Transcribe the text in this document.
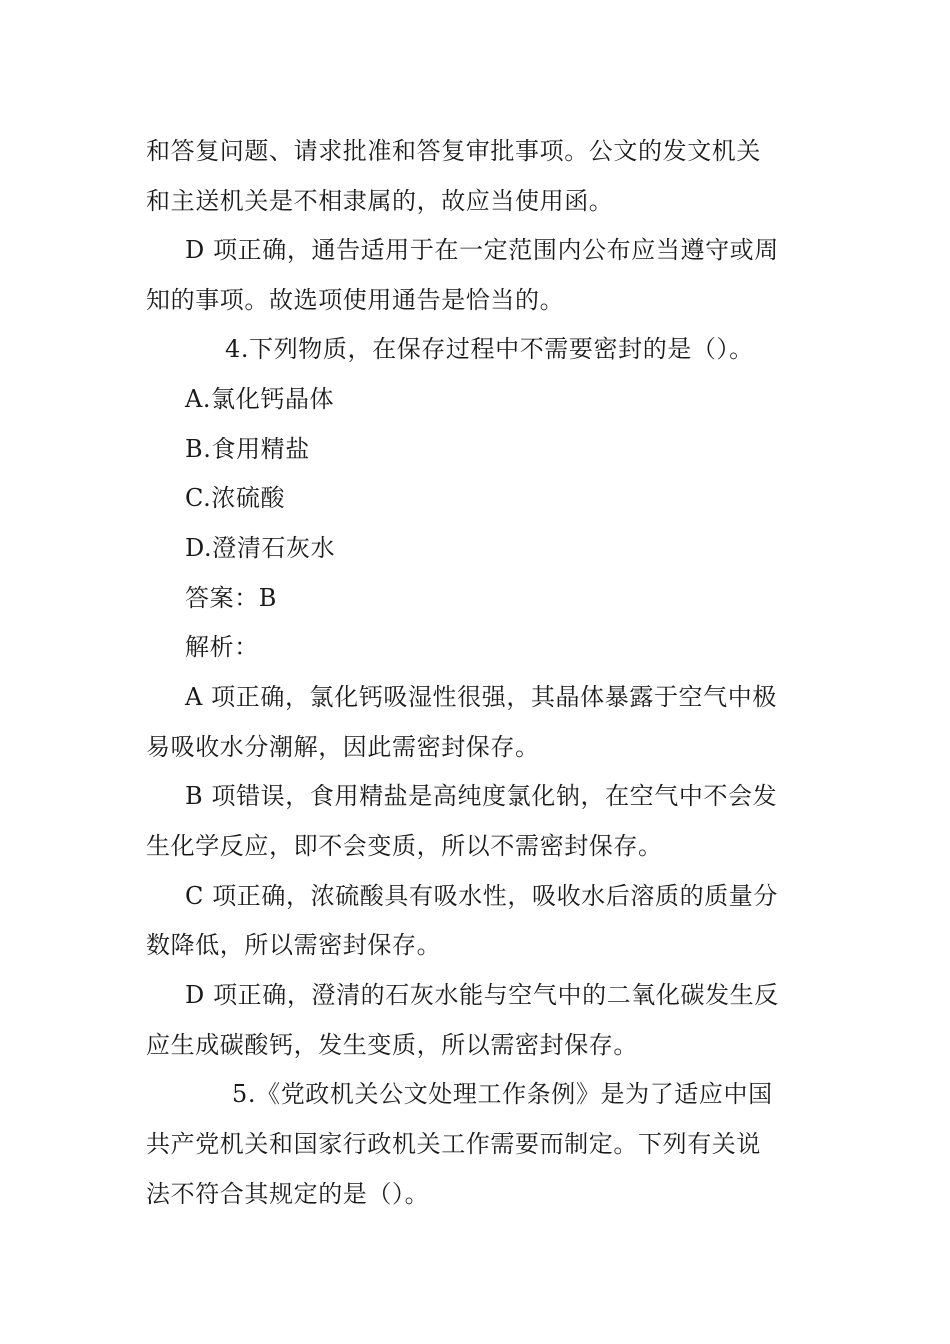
和答复问题、请求批准和答复审批事项。公文的发文机关
和主送机关是不相隶属的，故应当使用函。
D 项正确，通告适用于在一定范围内公布应当遵守或周
知的事项。故选项使用通告是恰当的。
4.下列物质，在保存过程中不需要密封的是（）。
A.氯化钙晶体
B.食用精盐
C.浓硫酸
D.澄清石灰水
答案：B
解析：
A 项正确，氯化钙吸湿性很强，其晶体暴露于空气中极
易吸收水分潮解，因此需密封保存。
B 项错误，食用精盐是高纯度氯化钠，在空气中不会发
生化学反应，即不会变质，所以不需密封保存。
C 项正确，浓硫酸具有吸水性，吸收水后溶质的质量分
数降低，所以需密封保存。
D 项正确，澄清的石灰水能与空气中的二氧化碳发生反
应生成碳酸钙，发生变质，所以需密封保存。
5.《党政机关公文处理工作条例》是为了适应中国
共产党机关和国家行政机关工作需要而制定。下列有关说
法不符合其规定的是（）。
